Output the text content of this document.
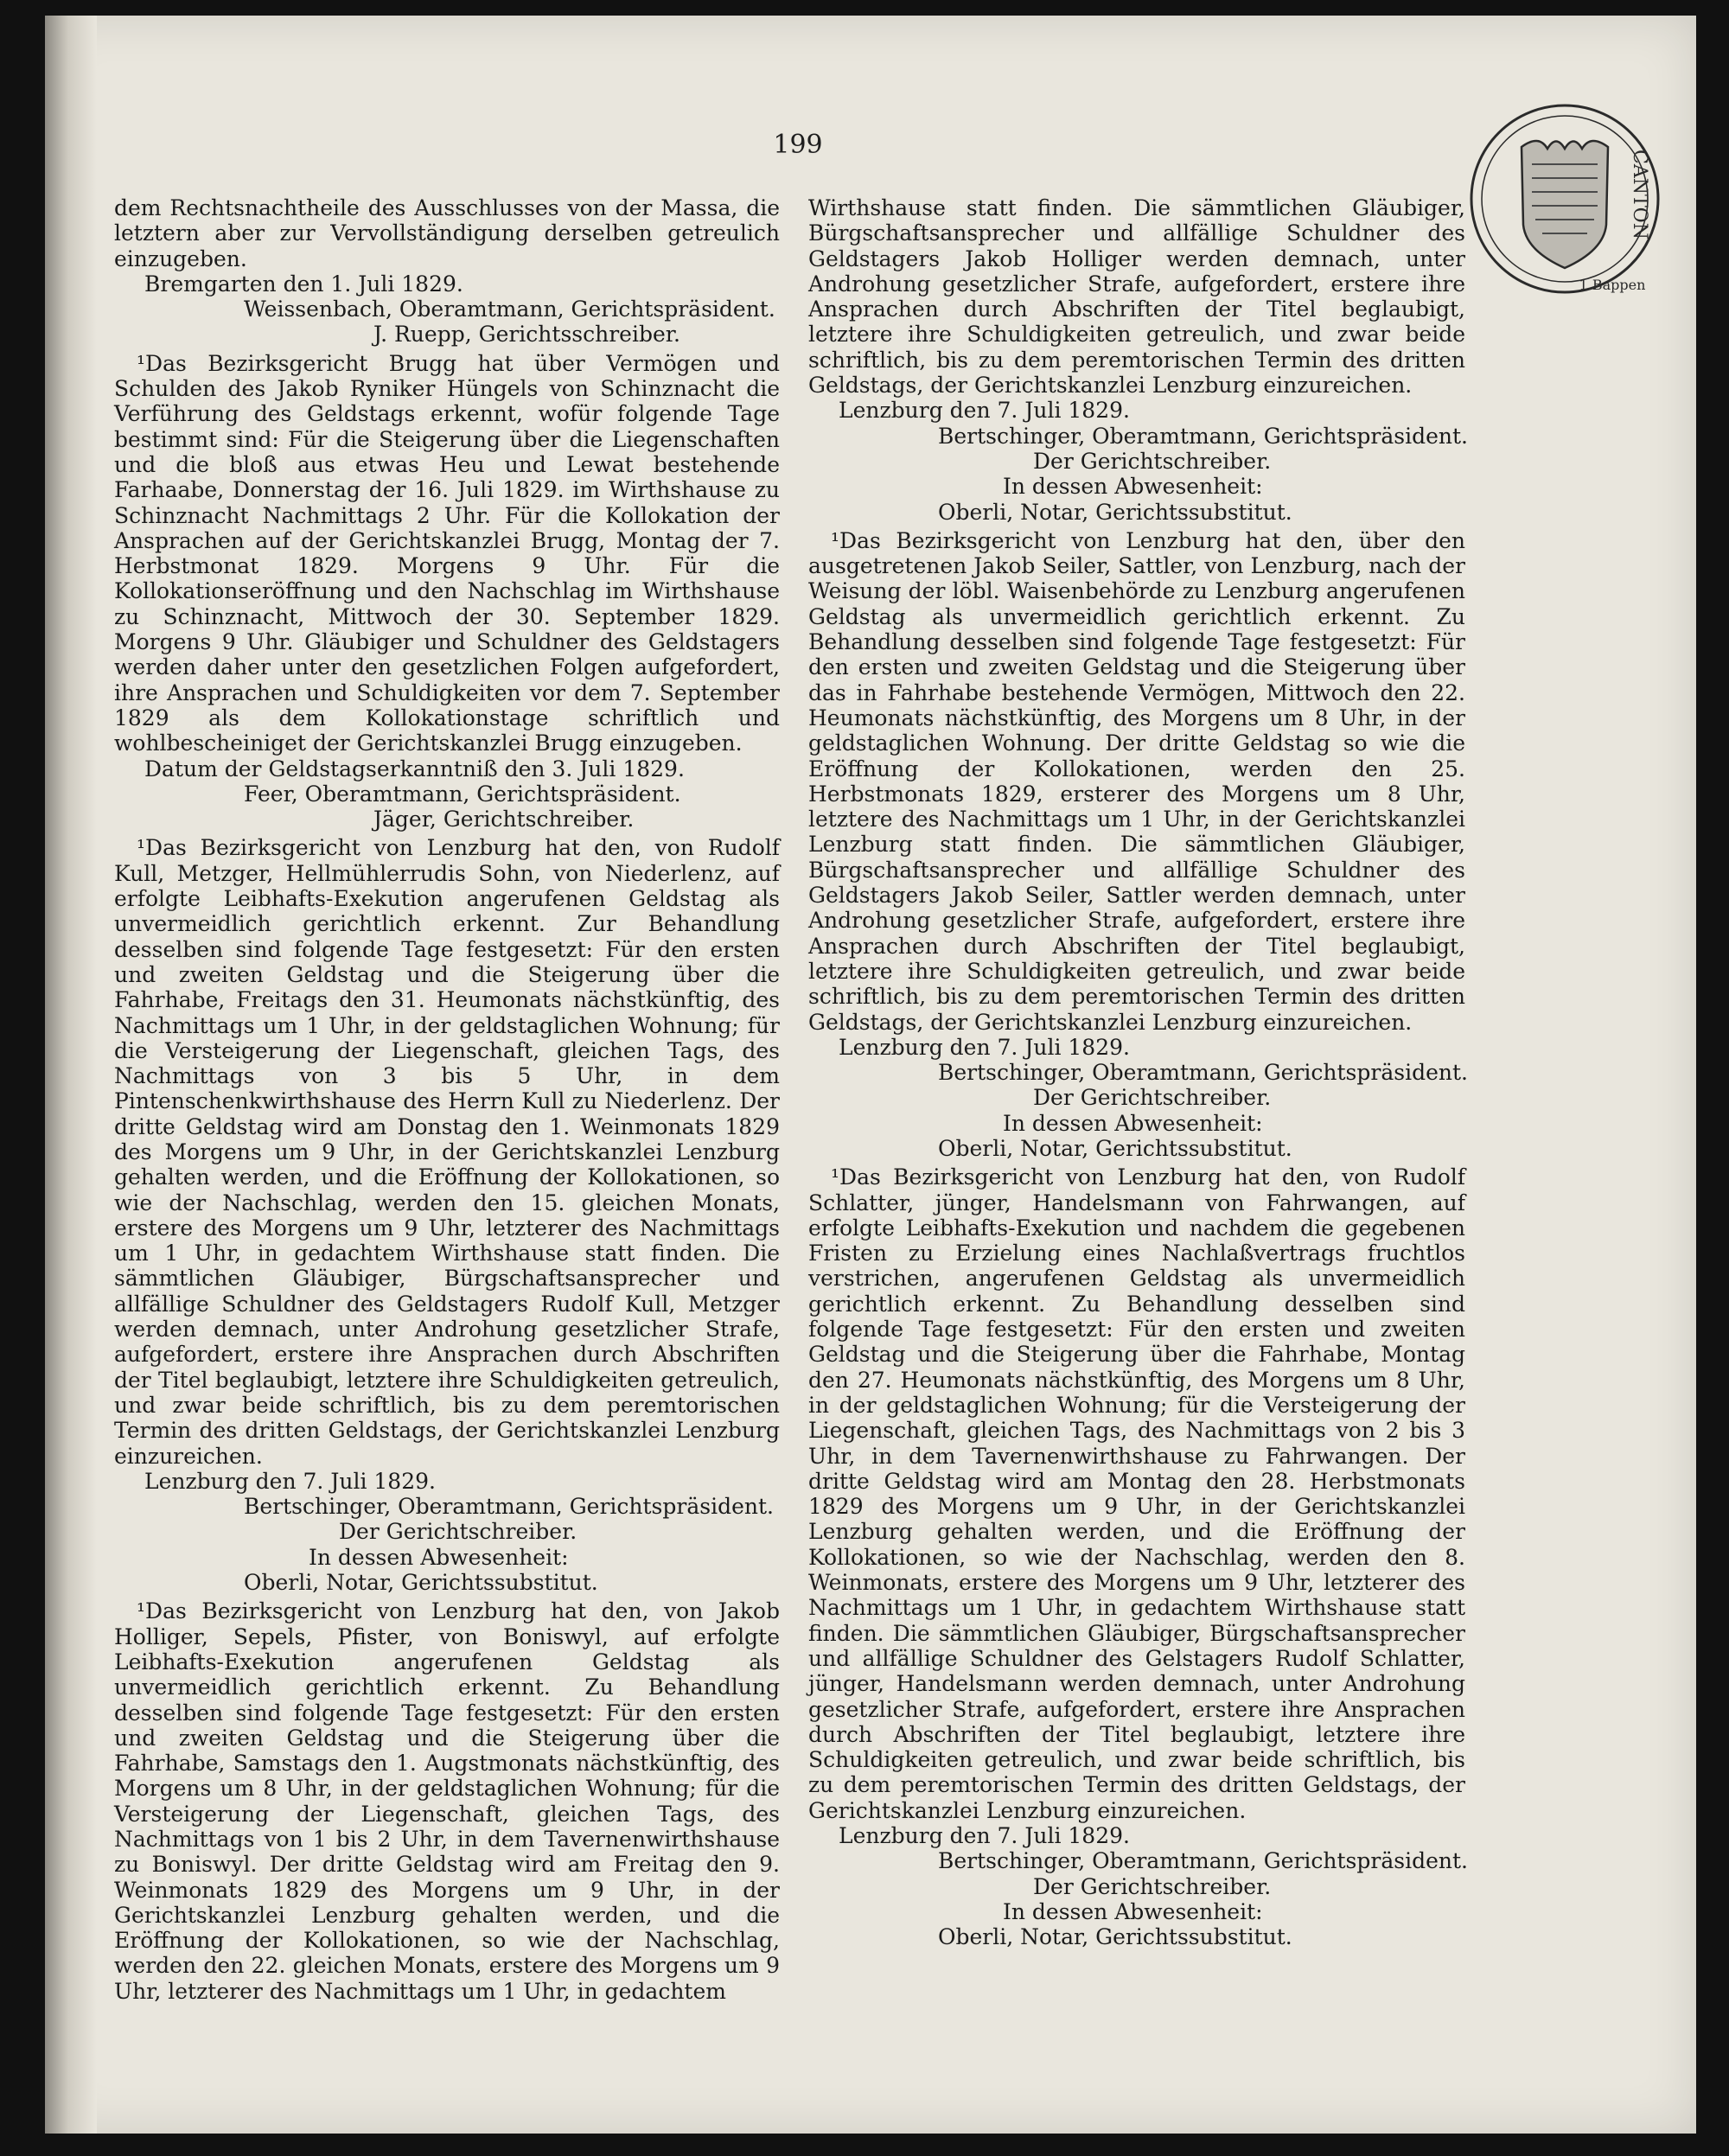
199
CANTON
1 Bappen

dem Rechtsnachtheile des Ausschlusses von der Massa, die letztern aber zur Vervollständigung derselben getreulich einzugeben.

Bremgarten den 1. Juli 1829.
Weissenbach, Oberamtmann, Gerichtspräsident.
J. Ruepp, Gerichtsschreiber.

¹Das Bezirksgericht Brugg hat über Vermögen und Schulden des Jakob Ryniker Hüngels von Schinznacht die Verführung des Geldstags erkennt, wofür folgende Tage bestimmt sind: Für die Steigerung über die Liegenschaften und die bloß aus etwas Heu und Lewat bestehende Farhaabe, Donnerstag der 16. Juli 1829. im Wirthshause zu Schinznacht Nachmittags 2 Uhr. Für die Kollokation der Ansprachen auf der Gerichtskanzlei Brugg, Montag der 7. Herbstmonat 1829. Morgens 9 Uhr. Für die Kollokationseröffnung und den Nachschlag im Wirthshause zu Schinznacht, Mittwoch der 30. September 1829. Morgens 9 Uhr. Gläubiger und Schuldner des Geldstagers werden daher unter den gesetzlichen Folgen aufgefordert, ihre Ansprachen und Schuldigkeiten vor dem 7. September 1829 als dem Kollokationstage schriftlich und wohlbescheiniget der Gerichtskanzlei Brugg einzugeben.

Datum der Geldstagserkanntniß den 3. Juli 1829.
Feer, Oberamtmann, Gerichtspräsident.
Jäger, Gerichtschreiber.

¹Das Bezirksgericht von Lenzburg hat den, von Rudolf Kull, Metzger, Hellmühlerrudis Sohn, von Niederlenz, auf erfolgte Leibhafts-Exekution angerufenen Geldstag als unvermeidlich gerichtlich erkennt. Zur Behandlung desselben sind folgende Tage festgesetzt: Für den ersten und zweiten Geldstag und die Steigerung über die Fahrhabe, Freitags den 31. Heumonats nächstkünftig, des Nachmittags um 1 Uhr, in der geldstaglichen Wohnung; für die Versteigerung der Liegenschaft, gleichen Tags, des Nachmittags von 3 bis 5 Uhr, in dem Pintenschenkwirthshause des Herrn Kull zu Niederlenz. Der dritte Geldstag wird am Donstag den 1. Weinmonats 1829 des Morgens um 9 Uhr, in der Gerichtskanzlei Lenzburg gehalten werden, und die Eröffnung der Kollokationen, so wie der Nachschlag, werden den 15. gleichen Monats, erstere des Morgens um 9 Uhr, letzterer des Nachmittags um 1 Uhr, in gedachtem Wirthshause statt finden. Die sämmtlichen Gläubiger, Bürgschaftsansprecher und allfällige Schuldner des Geldstagers Rudolf Kull, Metzger werden demnach, unter Androhung gesetzlicher Strafe, aufgefordert, erstere ihre Ansprachen durch Abschriften der Titel beglaubigt, letztere ihre Schuldigkeiten getreulich, und zwar beide schriftlich, bis zu dem peremtorischen Termin des dritten Geldstags, der Gerichtskanzlei Lenzburg einzureichen.

Lenzburg den 7. Juli 1829.
Bertschinger, Oberamtmann, Gerichtspräsident.
Der Gerichtschreiber.
In dessen Abwesenheit:
Oberli, Notar, Gerichtssubstitut.

¹Das Bezirksgericht von Lenzburg hat den, von Jakob Holliger, Sepels, Pfister, von Boniswyl, auf erfolgte Leibhafts-Exekution angerufenen Geldstag als unvermeidlich gerichtlich erkennt. Zu Behandlung desselben sind folgende Tage festgesetzt: Für den ersten und zweiten Geldstag und die Steigerung über die Fahrhabe, Samstags den 1. Augstmonats nächstkünftig, des Morgens um 8 Uhr, in der geldstaglichen Wohnung; für die Versteigerung der Liegenschaft, gleichen Tags, des Nachmittags von 1 bis 2 Uhr, in dem Tavernenwirthshause zu Boniswyl. Der dritte Geldstag wird am Freitag den 9. Weinmonats 1829 des Morgens um 9 Uhr, in der Gerichtskanzlei Lenzburg gehalten werden, und die Eröffnung der Kollokationen, so wie der Nachschlag, werden den 22. gleichen Monats, erstere des Morgens um 9 Uhr, letzterer des Nachmittags um 1 Uhr, in gedachtem

Wirthshause statt finden. Die sämmtlichen Gläubiger, Bürgschaftsansprecher und allfällige Schuldner des Geldstagers Jakob Holliger werden demnach, unter Androhung gesetzlicher Strafe, aufgefordert, erstere ihre Ansprachen durch Abschriften der Titel beglaubigt, letztere ihre Schuldigkeiten getreulich, und zwar beide schriftlich, bis zu dem peremtorischen Termin des dritten Geldstags, der Gerichtskanzlei Lenzburg einzureichen.

Lenzburg den 7. Juli 1829.
Bertschinger, Oberamtmann, Gerichtspräsident.
Der Gerichtschreiber.
In dessen Abwesenheit:
Oberli, Notar, Gerichtssubstitut.

¹Das Bezirksgericht von Lenzburg hat den, über den ausgetretenen Jakob Seiler, Sattler, von Lenzburg, nach der Weisung der löbl. Waisenbehörde zu Lenzburg angerufenen Geldstag als unvermeidlich gerichtlich erkennt. Zu Behandlung desselben sind folgende Tage festgesetzt: Für den ersten und zweiten Geldstag und die Steigerung über das in Fahrhabe bestehende Vermögen, Mittwoch den 22. Heumonats nächstkünftig, des Morgens um 8 Uhr, in der geldstaglichen Wohnung. Der dritte Geldstag so wie die Eröffnung der Kollokationen, werden den 25. Herbstmonats 1829, ersterer des Morgens um 8 Uhr, letztere des Nachmittags um 1 Uhr, in der Gerichtskanzlei Lenzburg statt finden. Die sämmtlichen Gläubiger, Bürgschaftsansprecher und allfällige Schuldner des Geldstagers Jakob Seiler, Sattler werden demnach, unter Androhung gesetzlicher Strafe, aufgefordert, erstere ihre Ansprachen durch Abschriften der Titel beglaubigt, letztere ihre Schuldigkeiten getreulich, und zwar beide schriftlich, bis zu dem peremtorischen Termin des dritten Geldstags, der Gerichtskanzlei Lenzburg einzureichen.

Lenzburg den 7. Juli 1829.
Bertschinger, Oberamtmann, Gerichtspräsident.
Der Gerichtschreiber.
In dessen Abwesenheit:
Oberli, Notar, Gerichtssubstitut.

¹Das Bezirksgericht von Lenzburg hat den, von Rudolf Schlatter, jünger, Handelsmann von Fahrwangen, auf erfolgte Leibhafts-Exekution und nachdem die gegebenen Fristen zu Erzielung eines Nachlaßvertrags fruchtlos verstrichen, angerufenen Geldstag als unvermeidlich gerichtlich erkennt. Zu Behandlung desselben sind folgende Tage festgesetzt: Für den ersten und zweiten Geldstag und die Steigerung über die Fahrhabe, Montag den 27. Heumonats nächstkünftig, des Morgens um 8 Uhr, in der geldstaglichen Wohnung; für die Versteigerung der Liegenschaft, gleichen Tags, des Nachmittags von 2 bis 3 Uhr, in dem Tavernenwirthshause zu Fahrwangen. Der dritte Geldstag wird am Montag den 28. Herbstmonats 1829 des Morgens um 9 Uhr, in der Gerichtskanzlei Lenzburg gehalten werden, und die Eröffnung der Kollokationen, so wie der Nachschlag, werden den 8. Weinmonats, erstere des Morgens um 9 Uhr, letzterer des Nachmittags um 1 Uhr, in gedachtem Wirthshause statt finden. Die sämmtlichen Gläubiger, Bürgschaftsansprecher und allfällige Schuldner des Gelstagers Rudolf Schlatter, jünger, Handelsmann werden demnach, unter Androhung gesetzlicher Strafe, aufgefordert, erstere ihre Ansprachen durch Abschriften der Titel beglaubigt, letztere ihre Schuldigkeiten getreulich, und zwar beide schriftlich, bis zu dem peremtorischen Termin des dritten Geldstags, der Gerichtskanzlei Lenzburg einzureichen.

Lenzburg den 7. Juli 1829.
Bertschinger, Oberamtmann, Gerichtspräsident.
Der Gerichtschreiber.
In dessen Abwesenheit:
Oberli, Notar, Gerichtssubstitut.
